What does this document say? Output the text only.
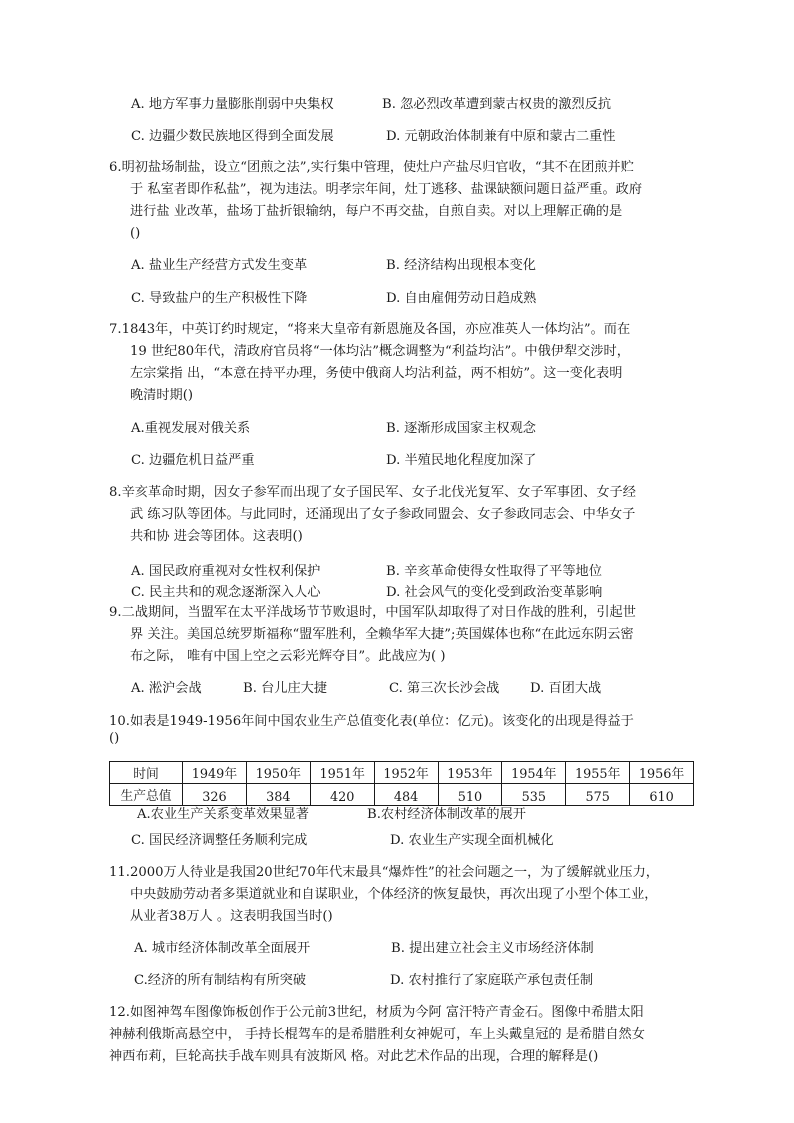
A. 地方军事力量膨胀削弱中央集权	B. 忽必烈改革遭到蒙古权贵的激烈反抗
C. 边疆少数民族地区得到全面发展	D. 元朝政治体制兼有中原和蒙古二重性
6.明初盐场制盐，设立“团煎之法”,实行集中管理，使灶户产盐尽归官收，“其不在团煎并贮
于 私室者即作私盐”，视为违法。明孝宗年间，灶丁逃移、盐课缺额问题日益严重。政府
进行盐 业改革，盐场丁盐折银输纳，每户不再交盐，自煎自卖。对以上理解正确的是
()
A. 盐业生产经营方式发生变革	B. 经济结构出现根本变化
C. 导致盐户的生产积极性下降	D. 自由雇佣劳动日趋成熟
7.1843年，中英订约时规定，“将来大皇帝有新恩施及各国，亦应准英人一体均沾”。而在
19 世纪80年代，清政府官员将“一体均沾”概念调整为“利益均沾”。中俄伊犁交涉时，
左宗棠指 出，“本意在持平办理，务使中俄商人均沾利益，两不相妨”。这一变化表明
晚清时期()
A.重视发展对俄关系	B. 逐渐形成国家主权观念
C. 边疆危机日益严重	D. 半殖民地化程度加深了
8.辛亥革命时期，因女子参军而出现了女子国民军、女子北伐光复军、女子军事团、女子经
武 练习队等团体。与此同时，还涌现出了女子参政同盟会、女子参政同志会、中华女子
共和协 进会等团体。这表明()
A. 国民政府重视对女性权利保护	B. 辛亥革命使得女性取得了平等地位
C. 民主共和的观念逐渐深入人心	D. 社会风气的变化受到政治变革影响
9.二战期间，当盟军在太平洋战场节节败退时，中国军队却取得了对日作战的胜利，引起世
界 关注。美国总统罗斯福称“盟军胜利，全赖华军大捷”;英国媒体也称“在此远东阴云密
布之际， 唯有中国上空之云彩光辉夺目”。此战应为( )
A. 淞沪会战	B. 台儿庄大捷	C. 第三次长沙会战 D. 百团大战
10.如表是1949-1956年间中国农业生产总值变化表(单位：亿元)。该变化的出现是得益于
()
时间	1949年	1950年	1951年	1952年	1953年	1954年	1955年	1956年
生产总值	326	384	420	484	510	535	575	610
A.农业生产关系变革效果显著	B.农村经济体制改革的展开
C. 国民经济调整任务顺利完成	D. 农业生产实现全面机械化
11.2000万人待业是我国20世纪70年代末最具“爆炸性”的社会问题之一，为了缓解就业压力，
中央鼓励劳动者多渠道就业和自谋职业，个体经济的恢复最快，再次出现了小型个体工业，
从业者38万人 。这表明我国当时()
A. 城市经济体制改革全面展开	B. 提出建立社会主义市场经济体制
C.经济的所有制结构有所突破	D. 农村推行了家庭联产承包责任制
12.如图神驾车图像饰板创作于公元前3世纪，材质为今阿 富汗特产青金石。图像中希腊太阳
神赫利俄斯高悬空中， 手持长棍驾车的是希腊胜利女神妮可，车上头戴皇冠的 是希腊自然女
神西布莉，巨轮高扶手战车则具有波斯风 格。对此艺术作品的出现，合理的解释是()
